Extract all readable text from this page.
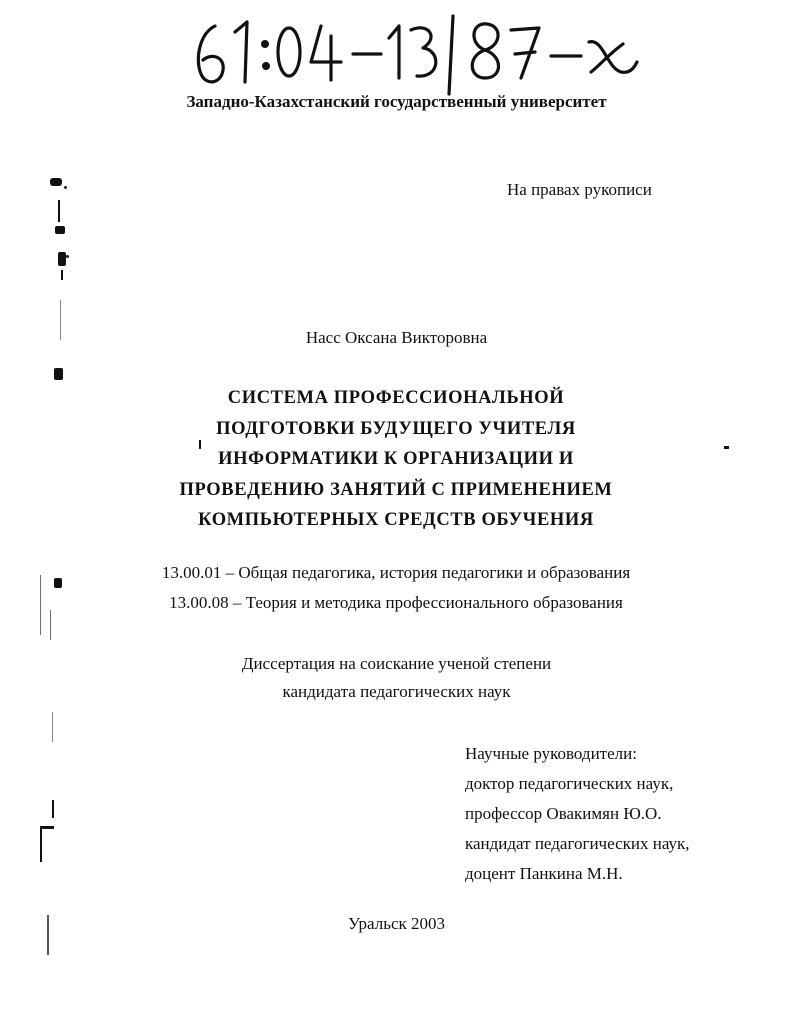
Западно-Казахстанский государственный университет
На правах рукописи
Насс Оксана Викторовна
СИСТЕМА ПРОФЕССИОНАЛЬНОЙ
ПОДГОТОВКИ БУДУЩЕГО УЧИТЕЛЯ
ИНФОРМАТИКИ К ОРГАНИЗАЦИИ И
ПРОВЕДЕНИЮ ЗАНЯТИЙ С ПРИМЕНЕНИЕМ
КОМПЬЮТЕРНЫХ СРЕДСТВ ОБУЧЕНИЯ
13.00.01 – Общая педагогика, история педагогики и образования
13.00.08 – Теория и методика профессионального образования
Диссертация на соискание ученой степени
кандидата педагогических наук
Научные руководители:
доктор педагогических наук,
профессор Овакимян Ю.О.
кандидат педагогических наук,
доцент Панкина М.Н.
Уральск 2003
